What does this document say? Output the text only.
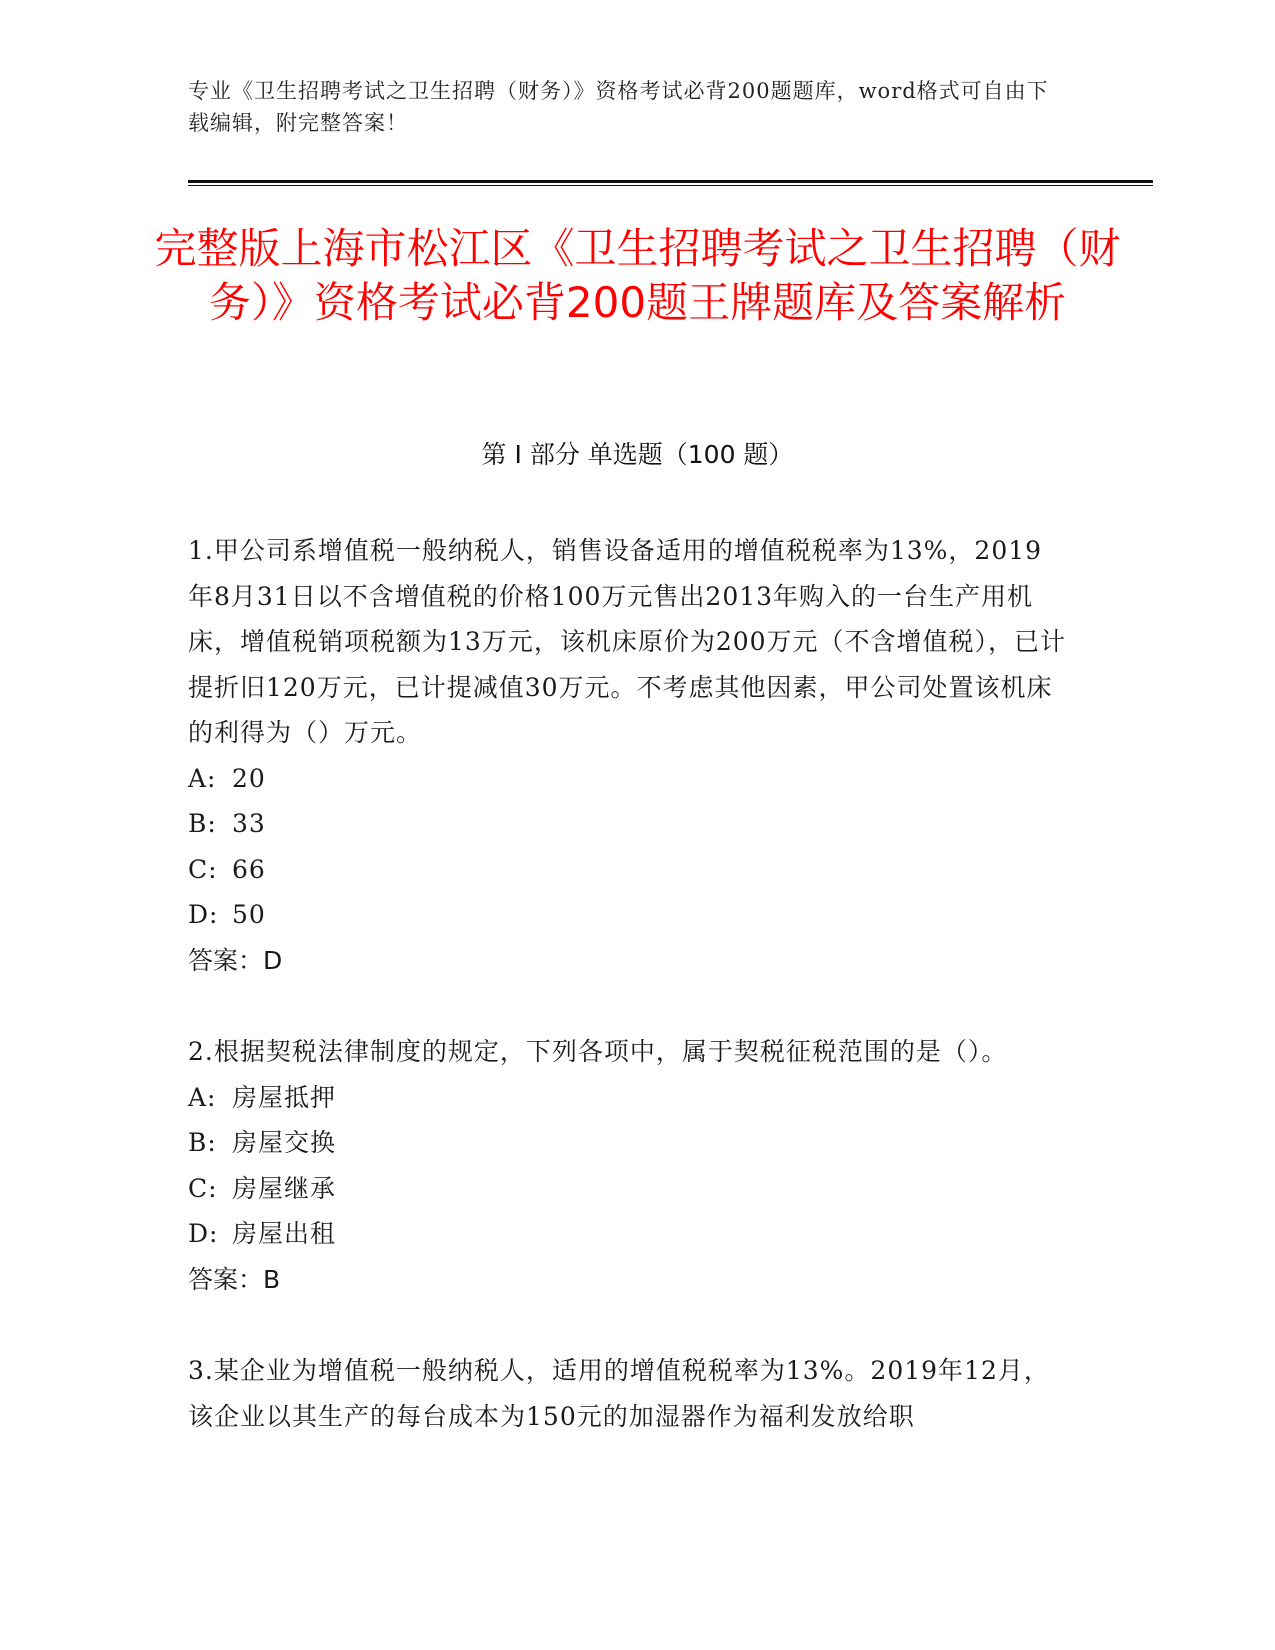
专业《卫生招聘考试之卫生招聘（财务）》资格考试必背200题题库，word格式可自由下载编辑，附完整答案！
完整版上海市松江区《卫生招聘考试之卫生招聘（财务）》资格考试必背200题王牌题库及答案解析
第 I 部分 单选题（100 题）

1.甲公司系增值税一般纳税人，销售设备适用的增值税税率为13%，2019年8月31日以不含增值税的价格100万元售出2013年购入的一台生产用机床，增值税销项税额为13万元，该机床原价为200万元（不含增值税），已计提折旧120万元，已计提减值30万元。不考虑其他因素，甲公司处置该机床的利得为（）万元。

A: 20

B: 33

C: 66

D: 50

答案：D

2.根据契税法律制度的规定，下列各项中，属于契税征税范围的是（）。

A: 房屋抵押

B: 房屋交换

C: 房屋继承

D: 房屋出租

答案：B

3.某企业为增值税一般纳税人，适用的增值税税率为13%。2019年12月，该企业以其生产的每台成本为150元的加湿器作为福利发放给职
